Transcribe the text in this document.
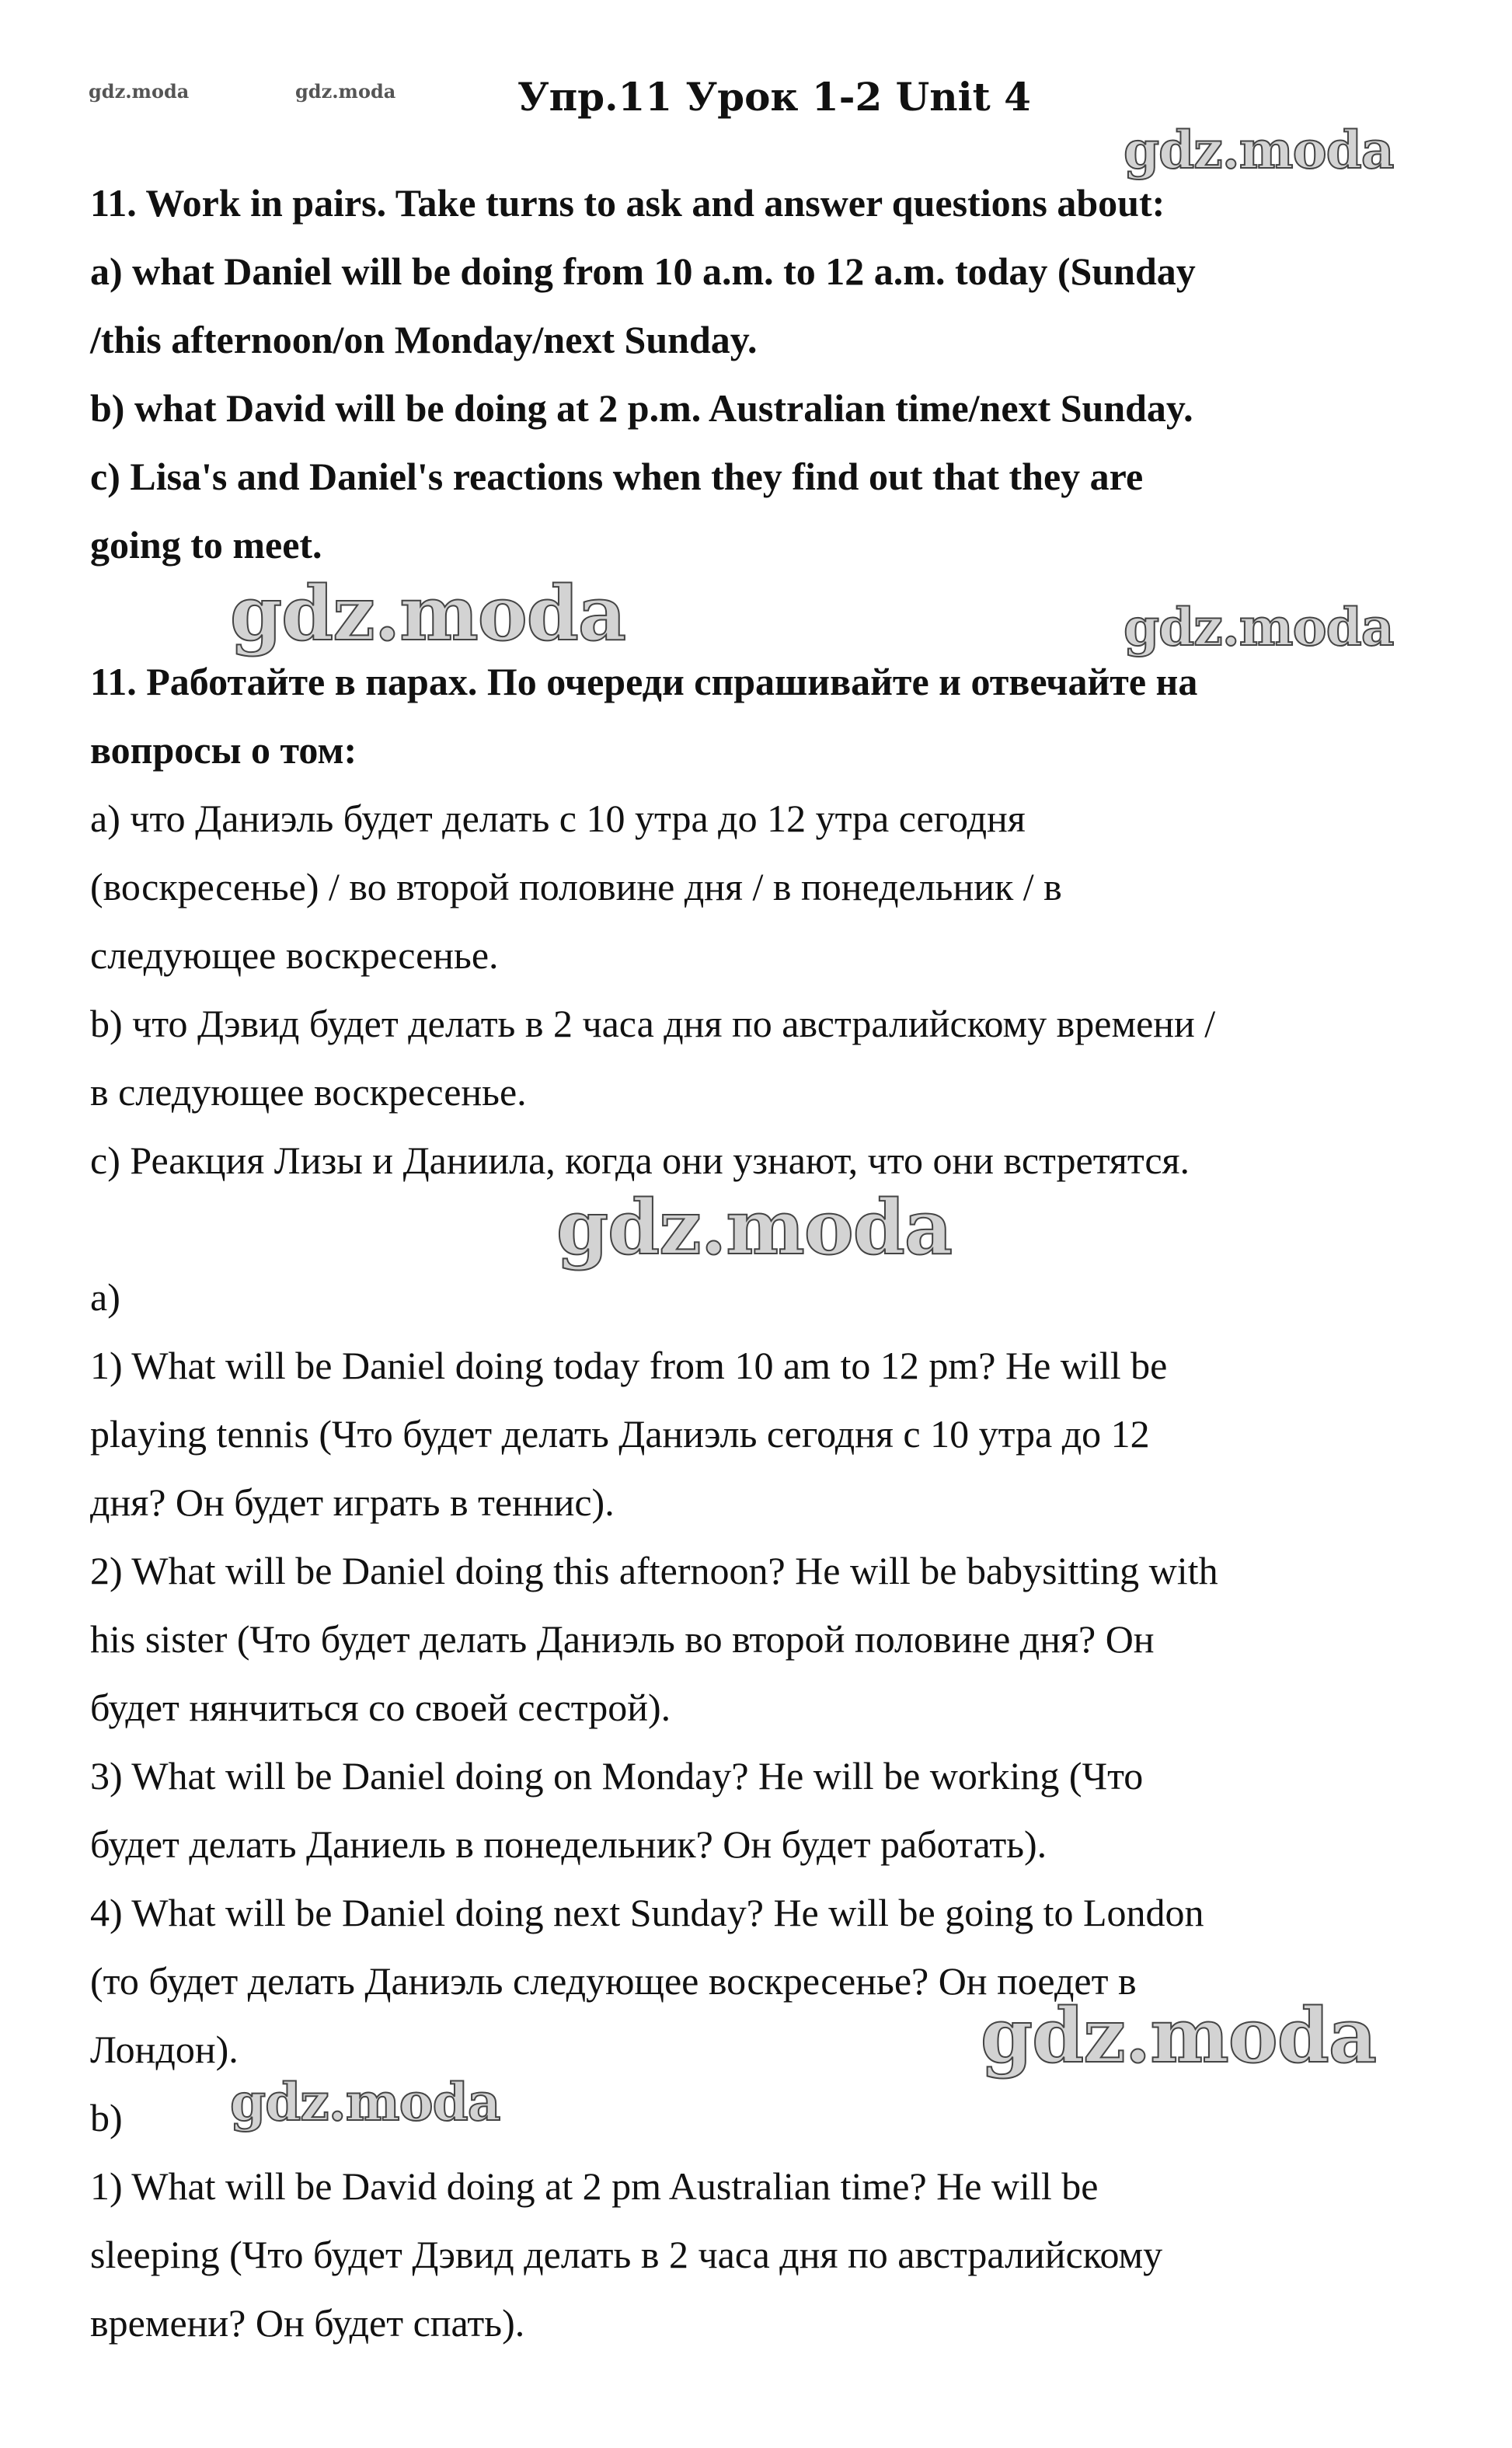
gdz.moda	gdz.moda	Упр.11 Урок 1-2 Unit 4
gdz.moda
gdz.moda	gdz.moda
gdz.moda
gdz.moda
gdz.moda

11. Work in pairs. Take turns to ask and answer questions about:

a) what Daniel will be doing from 10 a.m. to 12 a.m. today (Sunday

/this afternoon/on Monday/next Sunday.

b) what David will be doing at 2 p.m. Australian time/next Sunday.

c) Lisa's and Daniel's reactions when they find out that they are

going to meet.

11. Работайте в парах. По очереди спрашивайте и отвечайте на

вопросы о том:

а) что Даниэль будет делать с 10 утра до 12 утра сегодня

(воскресенье) / во второй половине дня / в понедельник / в

следующее воскресенье.

b) что Дэвид будет делать в 2 часа дня по австралийскому времени /

в следующее воскресенье.

c) Реакция Лизы и Даниила, когда они узнают, что они встретятся.

a)

1) What will be Daniel doing today from 10 am to 12 pm? He will be

playing tennis (Что будет делать Даниэль сегодня с 10 утра до 12

дня? Он будет играть в теннис).

2) What will be Daniel doing this afternoon? He will be babysitting with

his sister (Что будет делать Даниэль во второй половине дня? Он

будет нянчиться со своей сестрой).

3) What will be Daniel doing on Monday? He will be working (Что

будет делать Даниель в понедельник? Он будет работать).

4) What will be Daniel doing next Sunday? He will be going to London

(то будет делать Даниэль следующее воскресенье? Он поедет в

Лондон).

b)

1) What will be David doing at 2 pm Australian time? He will be

sleeping (Что будет Дэвид делать в 2 часа дня по австралийскому

времени? Он будет спать).
